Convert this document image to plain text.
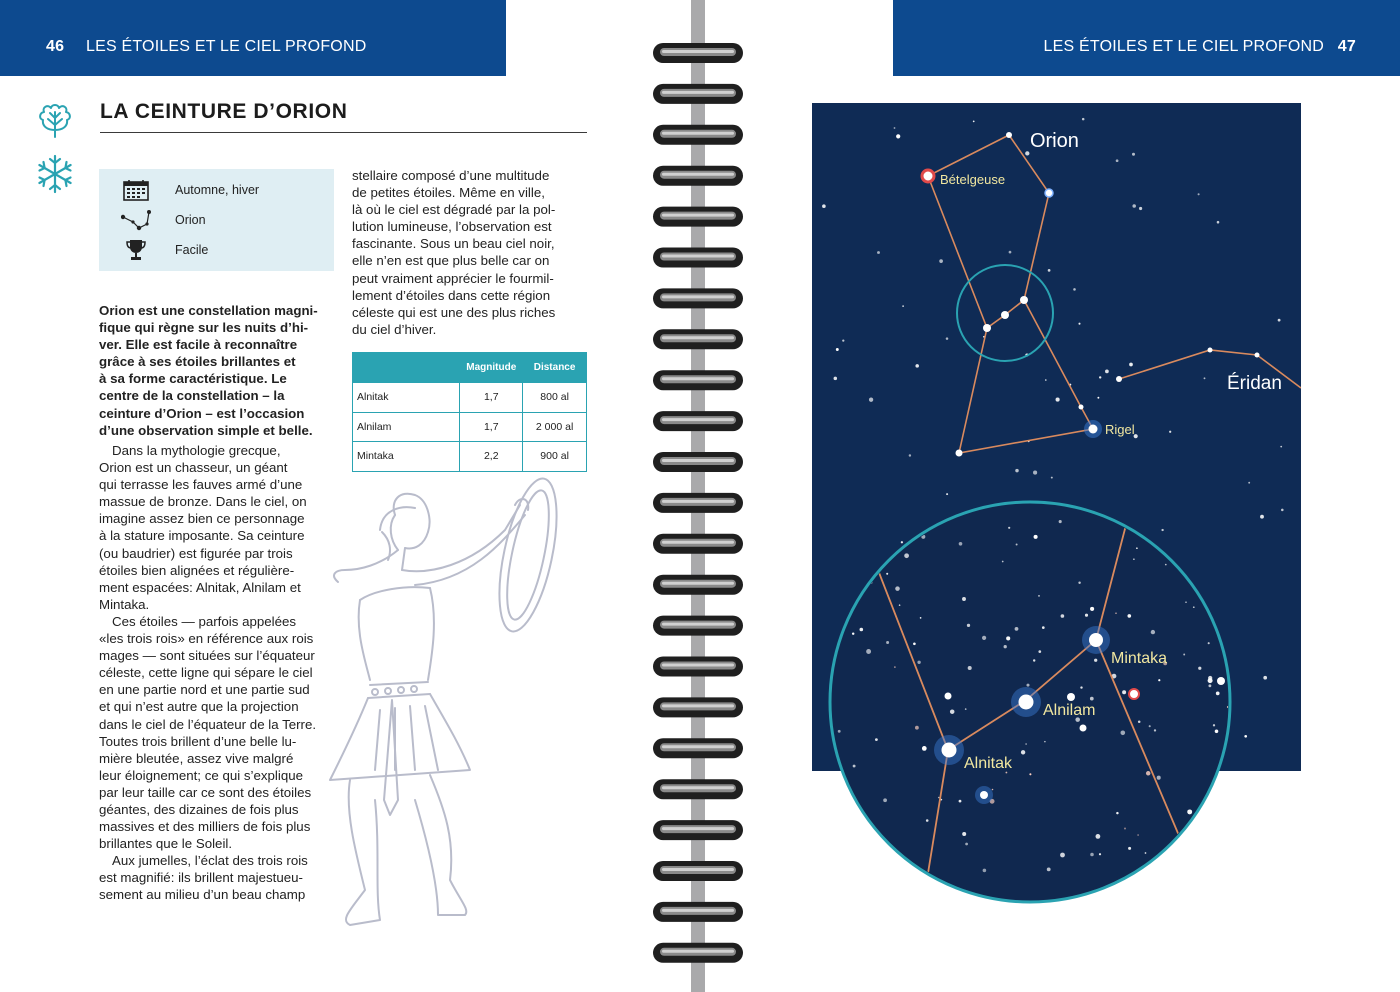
46 LES ÉTOILES ET LE CIEL PROFOND	LES ÉTOILES ET LE CIEL PROFOND 47
LA CEINTURE D’ORION
Automne, hiver
Orion
Facile

Orion est une constellation magni-

fique qui règne sur les nuits d’hi-

ver. Elle est facile à reconnaître

grâce à ses étoiles brillantes et

à sa forme caractéristique. Le

centre de la constellation – la

ceinture d’Orion – est l’occasion

d’une observation simple et belle.

Dans la mythologie grecque,

Orion est un chasseur, un géant

qui terrasse les fauves armé d’une

massue de bronze. Dans le ciel, on

imagine assez bien ce personnage

à la stature imposante. Sa ceinture

(ou baudrier) est figurée par trois

étoiles bien alignées et régulière-

ment espacées: Alnitak, Alnilam et

Mintaka.

Ces étoiles — parfois appelées

«les trois rois» en référence aux rois

mages — sont situées sur l’équateur

céleste, cette ligne qui sépare le ciel

en une partie nord et une partie sud

et qui n’est autre que la projection

dans le ciel de l’équateur de la Terre.

Toutes trois brillent d’une belle lu-

mière bleutée, assez vive malgré

leur éloignement; ce qui s’explique

par leur taille car ce sont des étoiles

géantes, des dizaines de fois plus

massives et des milliers de fois plus

brillantes que le Soleil.

Aux jumelles, l’éclat des trois rois

est magnifié: ils brillent majestueu-

sement au milieu d’un beau champ

stellaire composé d’une multitude

de petites étoiles. Même en ville,

là où le ciel est dégradé par la pol-

lution lumineuse, l’observation est

fascinante. Sous un beau ciel noir,

elle n’en est que plus belle car on

peut vraiment apprécier le fourmil-

lement d’étoiles dans cette région

céleste qui est une des plus riches

du ciel d’hiver.

	Magnitude	Distance
Alnitak	1,7	800 al
Alnilam	1,7	2 000 al
Mintaka	2,2	900 al
Orion
Bételgeuse
Rigel
Éridan
Mintaka
Alnilam
Alnitak
